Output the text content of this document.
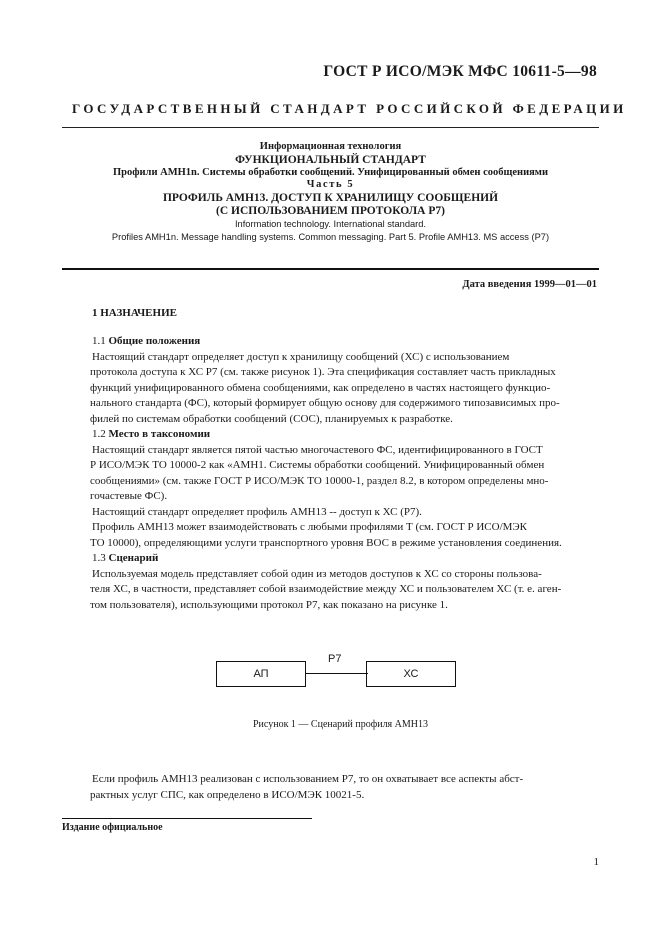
ГОСТ Р ИСО/МЭК МФС 10611-5—98
ГОСУДАРСТВЕННЫЙ СТАНДАРТ РОССИЙСКОЙ ФЕДЕРАЦИИ
Информационная технология
ФУНКЦИОНАЛЬНЫЙ СТАНДАРТ
Профили АМН1n. Системы обработки сообщений. Унифицированный обмен сообщениями
Часть 5
ПРОФИЛЬ АМН13. ДОСТУП К ХРАНИЛИЩУ СООБЩЕНИЙ
(С ИСПОЛЬЗОВАНИЕМ ПРОТОКОЛА Р7)
Information technology. International standard.
Profiles AMH1n. Message handling systems. Common messaging. Part 5. Profile AMH13. MS access (P7)
Дата введения 1999—01—01
1 НАЗНАЧЕНИЕ
1.1 Общие положения
Настоящий стандарт определяет доступ к хранилищу сообщений (ХС) с использованием
протокола доступа к ХС Р7 (см. также рисунок 1). Эта спецификация составляет часть прикладных
функций унифицированного обмена сообщениями, как определено в частях настоящего функцио-
нального стандарта (ФС), который формирует общую основу для содержимого типозависимых про-
филей по системам обработки сообщений (СОС), планируемых к разработке.
1.2 Место в таксономии
Настоящий стандарт является пятой частью многочастевого ФС, идентифицированного в ГОСТ
Р ИСО/МЭК ТО 10000-2 как «АМН1. Системы обработки сообщений. Унифицированный обмен
сообщениями» (см. также ГОСТ Р ИСО/МЭК ТО 10000-1, раздел 8.2, в котором определены мно-
гочастевые ФС).
Настоящий стандарт определяет профиль АМН13 -- доступ к ХС (Р7).
Профиль АМН13 может взаимодействовать с любыми профилями Т (см. ГОСТ Р ИСО/МЭК
ТО 10000), определяющими услуги транспортного уровня ВОС в режиме установления соединения.
1.3 Сценарий
Используемая модель представляет собой один из методов доступов к ХС со стороны пользова-
теля ХС, в частности, представляет собой взаимодействие между ХС и пользователем ХС (т. е. аген-
том пользователя), использующими протокол Р7, как показано на рисунке 1.
АП
Р7
ХС
Рисунок 1 — Сценарий профиля АМН13
Если профиль АМН13 реализован с использованием Р7, то он охватывает все аспекты абст-
рактных услуг СПС, как определено в ИСО/МЭК 10021-5.
Издание официальное
1
